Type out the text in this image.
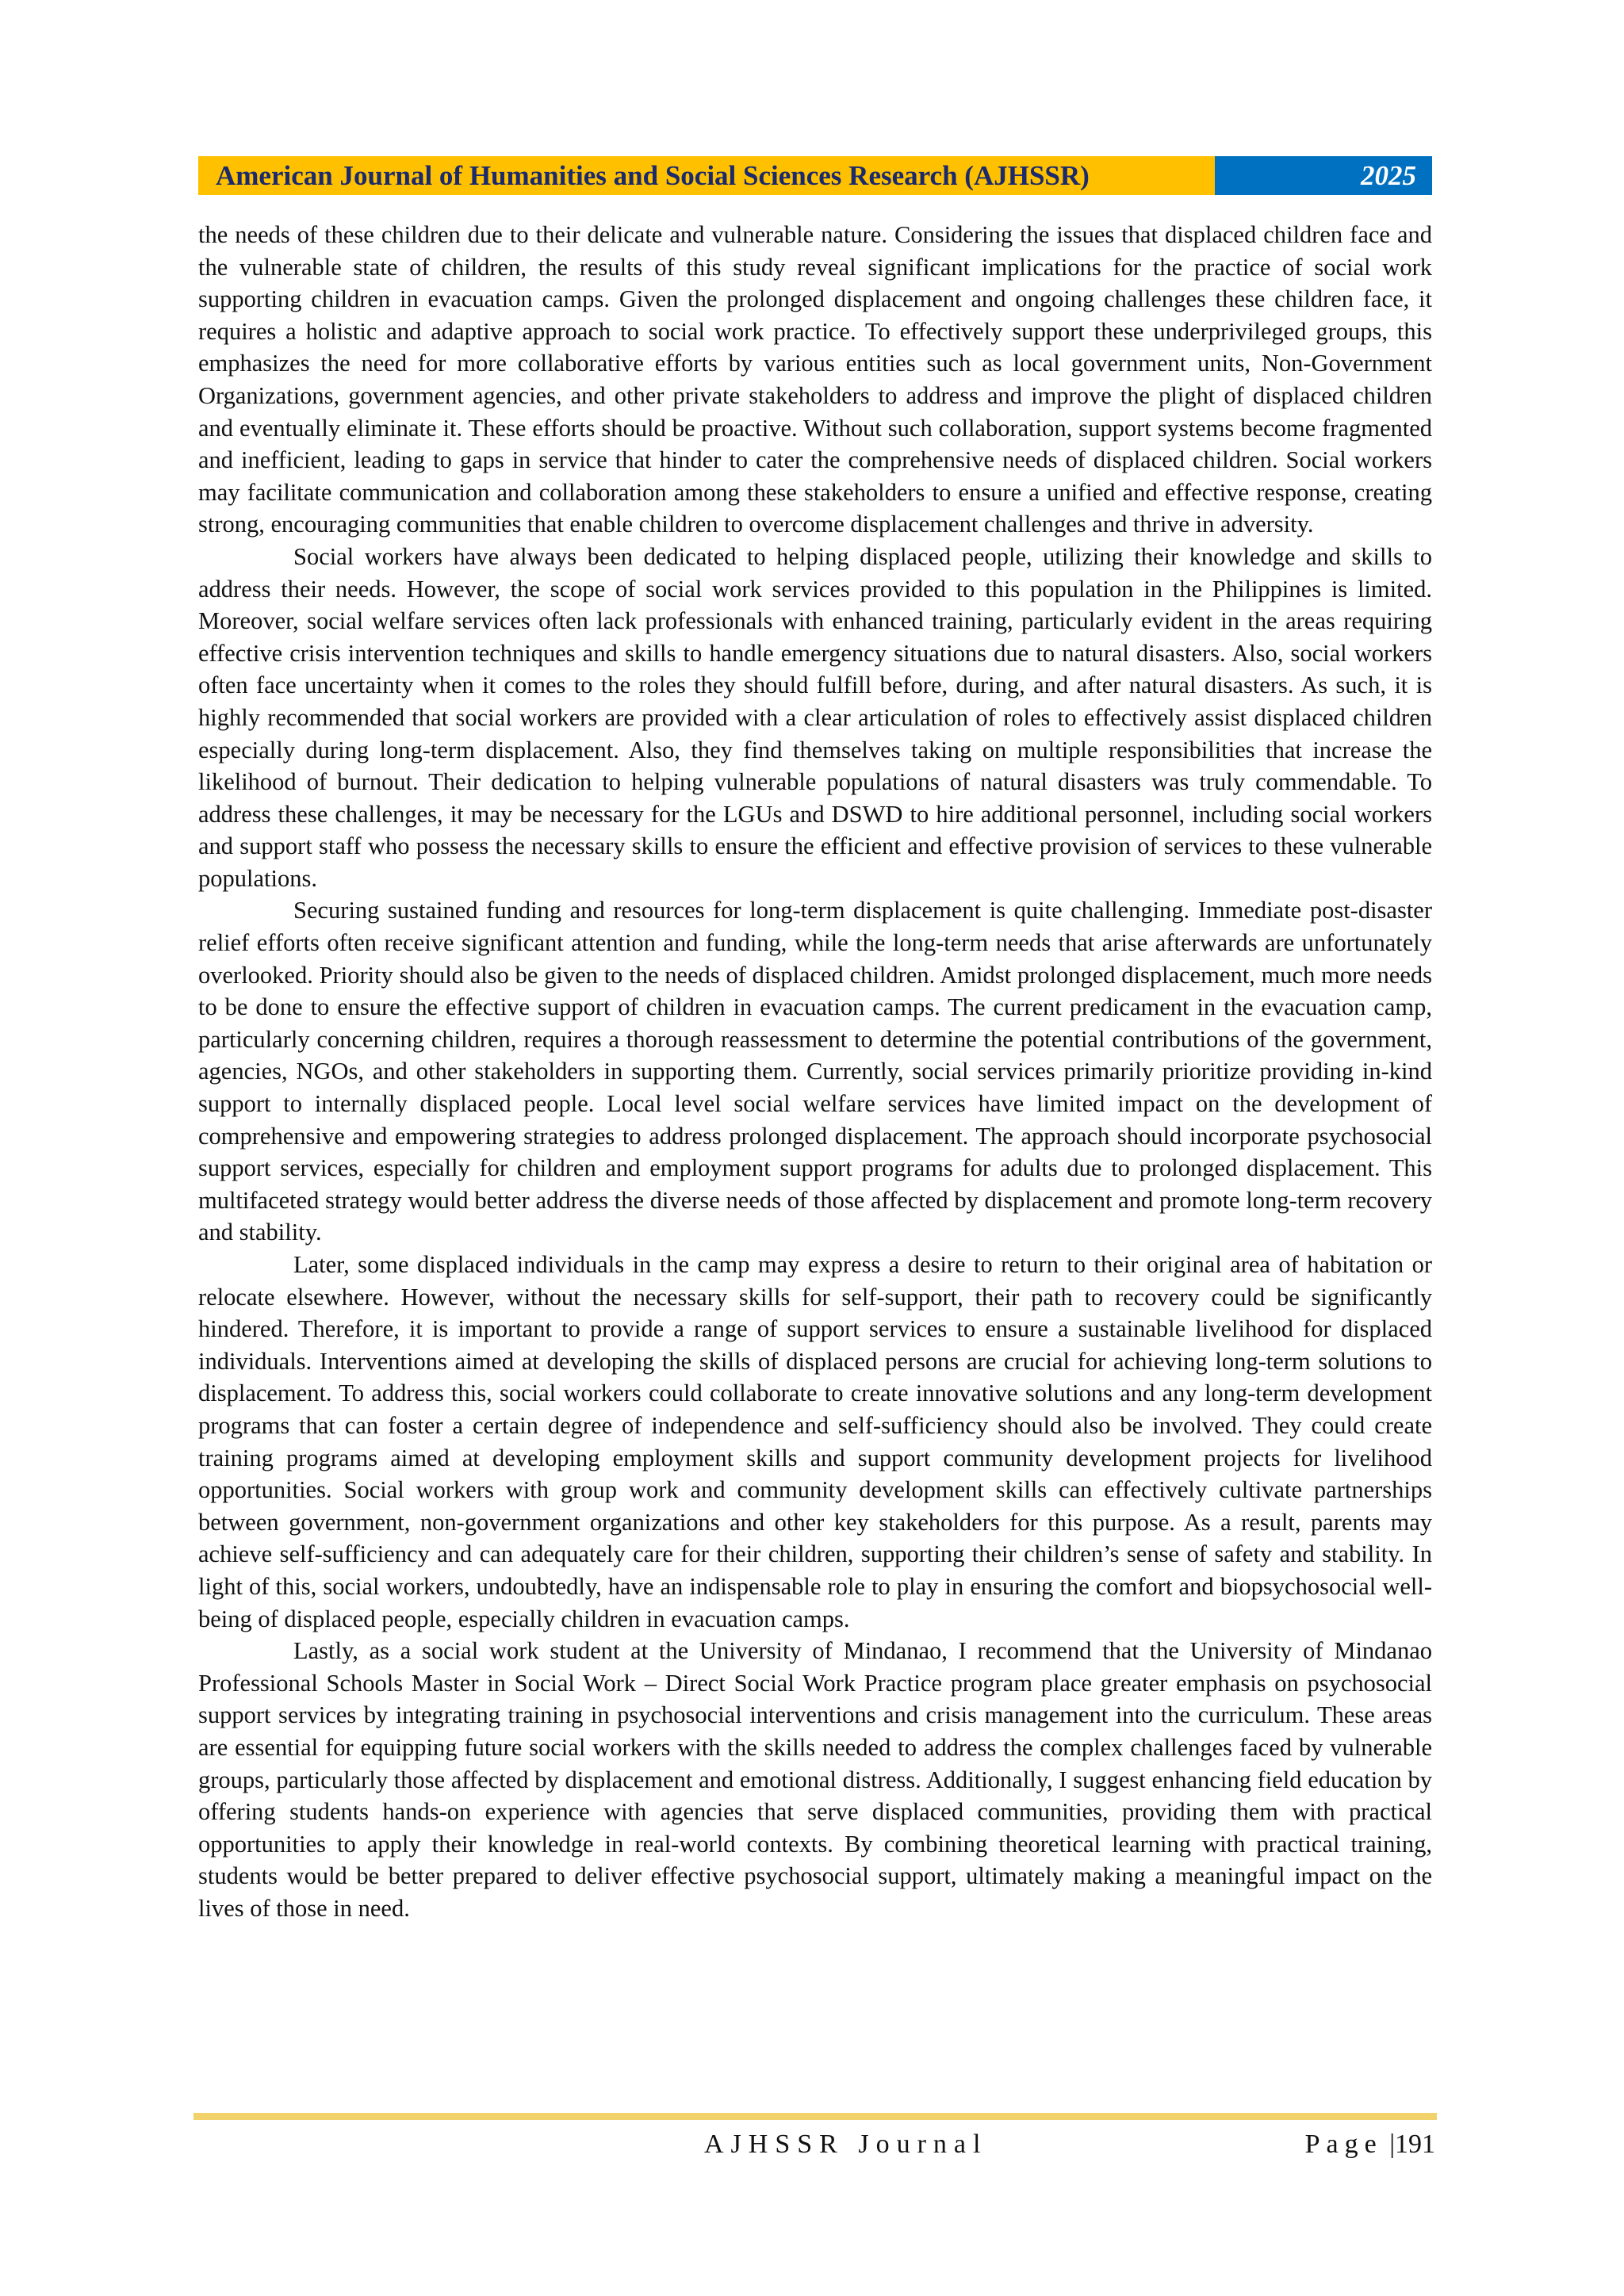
American Journal of Humanities and Social Sciences Research (AJHSSR)	2025

the needs of these children due to their delicate and vulnerable nature. Considering the issues that displaced children face and the vulnerable state of children, the results of this study reveal significant implications for the practice of social work supporting children in evacuation camps. Given the prolonged displacement and ongoing challenges these children face, it requires a holistic and adaptive approach to social work practice. To effectively support these underprivileged groups, this emphasizes the need for more collaborative efforts by various entities such as local government units, Non-Government Organizations, government agencies, and other private stakeholders to address and improve the plight of displaced children and eventually eliminate it. These efforts should be proactive. Without such collaboration, support systems become fragmented and inefficient, leading to gaps in service that hinder to cater the comprehensive needs of displaced children. Social workers may facilitate communication and collaboration among these stakeholders to ensure a unified and effective response, creating strong, encouraging communities that enable children to overcome displacement challenges and thrive in adversity.

Social workers have always been dedicated to helping displaced people, utilizing their knowledge and skills to address their needs. However, the scope of social work services provided to this population in the Philippines is limited. Moreover, social welfare services often lack professionals with enhanced training, particularly evident in the areas requiring effective crisis intervention techniques and skills to handle emergency situations due to natural disasters. Also, social workers often face uncertainty when it comes to the roles they should fulfill before, during, and after natural disasters. As such, it is highly recommended that social workers are provided with a clear articulation of roles to effectively assist displaced children especially during long-term displacement. Also, they find themselves taking on multiple responsibilities that increase the likelihood of burnout. Their dedication to helping vulnerable populations of natural disasters was truly commendable. To address these challenges, it may be necessary for the LGUs and DSWD to hire additional personnel, including social workers and support staff who possess the necessary skills to ensure the efficient and effective provision of services to these vulnerable populations.

Securing sustained funding and resources for long-term displacement is quite challenging. Immediate post-disaster relief efforts often receive significant attention and funding, while the long-term needs that arise afterwards are unfortunately overlooked. Priority should also be given to the needs of displaced children. Amidst prolonged displacement, much more needs to be done to ensure the effective support of children in evacuation camps. The current predicament in the evacuation camp, particularly concerning children, requires a thorough reassessment to determine the potential contributions of the government, agencies, NGOs, and other stakeholders in supporting them. Currently, social services primarily prioritize providing in-kind support to internally displaced people. Local level social welfare services have limited impact on the development of comprehensive and empowering strategies to address prolonged displacement. The approach should incorporate psychosocial support services, especially for children and employment support programs for adults due to prolonged displacement. This multifaceted strategy would better address the diverse needs of those affected by displacement and promote long-term recovery and stability.

Later, some displaced individuals in the camp may express a desire to return to their original area of habitation or relocate elsewhere. However, without the necessary skills for self-support, their path to recovery could be significantly hindered. Therefore, it is important to provide a range of support services to ensure a sustainable livelihood for displaced individuals. Interventions aimed at developing the skills of displaced persons are crucial for achieving long-term solutions to displacement. To address this, social workers could collaborate to create innovative solutions and any long-term development programs that can foster a certain degree of independence and self-sufficiency should also be involved. They could create training programs aimed at developing employment skills and support community development projects for livelihood opportunities. Social workers with group work and community development skills can effectively cultivate partnerships between government, non-government organizations and other key stakeholders for this purpose. As a result, parents may achieve self-sufficiency and can adequately care for their children, supporting their children’s sense of safety and stability. In light of this, social workers, undoubtedly, have an indispensable role to play in ensuring the comfort and biopsychosocial well-being of displaced people, especially children in evacuation camps.

Lastly, as a social work student at the University of Mindanao, I recommend that the University of Mindanao Professional Schools Master in Social Work – Direct Social Work Practice program place greater emphasis on psychosocial support services by integrating training in psychosocial interventions and crisis management into the curriculum. These areas are essential for equipping future social workers with the skills needed to address the complex challenges faced by vulnerable groups, particularly those affected by displacement and emotional distress. Additionally, I suggest enhancing field education by offering students hands-on experience with agencies that serve displaced communities, providing them with practical opportunities to apply their knowledge in real-world contexts. By combining theoretical learning with practical training, students would be better prepared to deliver effective psychosocial support, ultimately making a meaningful impact on the lives of those in need.

AJHSSR Journal	Page |191
